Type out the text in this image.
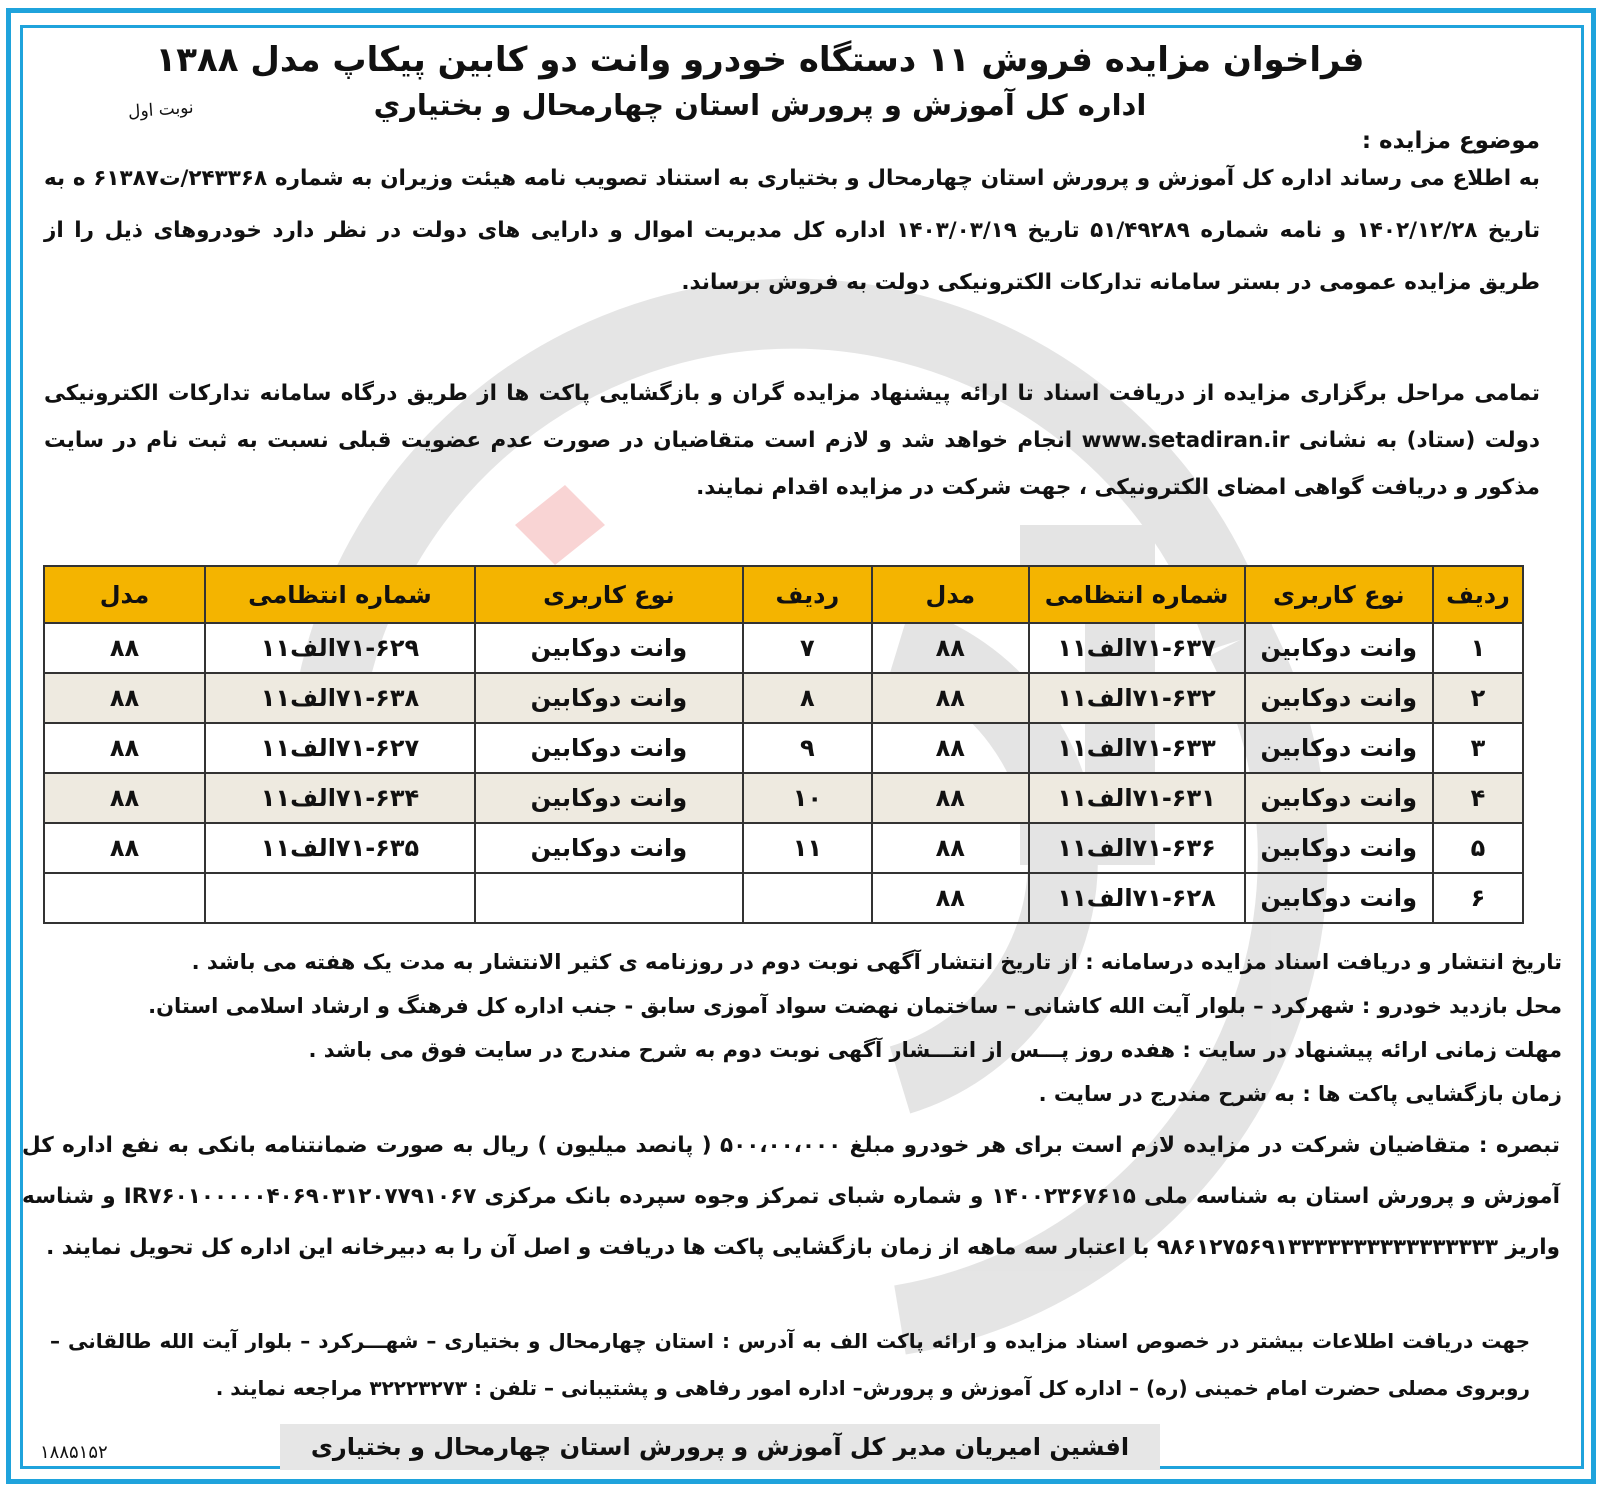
فراخوان مزایده فروش ۱۱ دستگاه خودرو وانت دو کابین پیکاپ مدل ۱۳۸۸
اداره کل آموزش و پرورش استان چهارمحال و بختياري
نوبت اول
موضوع مزایده :
به اطلاع می رساند اداره کل آموزش و پرورش استان چهارمحال و بختیاری به استناد تصویب نامه هیئت وزیران به شماره ۲۴۳۳۶۸/ت۶۱۳۸۷ ه به تاریخ ۱۴۰۲/۱۲/۲۸ و نامه شماره ۵۱/۴۹۲۸۹ تاریخ ۱۴۰۳/۰۳/۱۹ اداره کل مدیریت اموال و دارایی های دولت در نظر دارد خودروهای ذیل را از طریق مزایده عمومی در بستر سامانه تدارکات الکترونیکی دولت به فروش برساند.
تمامی مراحل برگزاری مزایده از دریافت اسناد تا ارائه پیشنهاد مزایده گران و بازگشایی پاکت ها از طریق درگاه سامانه تدارکات الکترونیکی دولت (ستاد) به نشانی www.setadiran.ir انجام خواهد شد و لازم است متقاضیان در صورت عدم عضویت قبلی نسبت به ثبت نام در سایت مذکور و دریافت گواهی امضای الکترونیکی ، جهت شرکت در مزایده اقدام نمایند.
ردیف	نوع کاربری	شماره انتظامی	مدل	ردیف	نوع کاربری	شماره انتظامی	مدل
۱	وانت دوکابین	۷۱-۶۳۷الف۱۱	۸۸	۷	وانت دوکابین	۷۱-۶۲۹الف۱۱	۸۸
۲	وانت دوکابین	۷۱-۶۳۲الف۱۱	۸۸	۸	وانت دوکابین	۷۱-۶۳۸الف۱۱	۸۸
۳	وانت دوکابین	۷۱-۶۳۳الف۱۱	۸۸	۹	وانت دوکابین	۷۱-۶۲۷الف۱۱	۸۸
۴	وانت دوکابین	۷۱-۶۳۱الف۱۱	۸۸	۱۰	وانت دوکابین	۷۱-۶۳۴الف۱۱	۸۸
۵	وانت دوکابین	۷۱-۶۳۶الف۱۱	۸۸	۱۱	وانت دوکابین	۷۱-۶۳۵الف۱۱	۸۸
۶	وانت دوکابین	۷۱-۶۲۸الف۱۱	۸۸				
تاریخ انتشار و دریافت اسناد مزایده درسامانه : از تاریخ انتشار آگهی نوبت دوم در روزنامه ی کثیر الانتشار به مدت یک هفته می باشد .
محل بازدید خودرو : شهرکرد – بلوار آیت الله کاشانی – ساختمان نهضت سواد آموزی سابق - جنب اداره کل فرهنگ و ارشاد اسلامی استان.
مهلت زمانی ارائه پیشنهاد در سایت : هفده روز پـــس از انتـــشار آگهی نوبت دوم به شرح مندرج در سایت فوق می باشد .
زمان بازگشایی پاکت ها : به شرح مندرج در سایت .
تبصره : متقاضیان شرکت در مزایده لازم است برای هر خودرو مبلغ ۵۰۰،۰۰،۰۰۰ ( پانصد میلیون ) ریال به صورت ضمانتنامه بانکی به نفع اداره کل آموزش و پرورش استان به شناسه ملی ۱۴۰۰۲۳۶۷۶۱۵ و شماره شبای تمرکز وجوه سپرده بانک مرکزی IR۷۶۰۱۰۰۰۰۰۴۰۶۹۰۳۱۲۰۷۷۹۱۰۶۷ و شناسه واریز ۹۸۶۱۲۷۵۶۹۱۳۳۳۳۳۳۳۳۳۳۳۳۳۳۳۳ با اعتبار سه ماهه از زمان بازگشایی پاکت ها دریافت و اصل آن را به دبیرخانه این اداره کل تحویل نمایند .
جهت دریافت اطلاعات بیشتر در خصوص اسناد مزایده و ارائه پاکت الف به آدرس : استان چهارمحال و بختیاری – شهـــرکرد – بلوار آیت الله طالقانی – روبروی مصلی حضرت امام خمینی (ره) – اداره کل آموزش و پرورش– اداره امور رفاهی و پشتیبانی – تلفن : ۳۲۲۲۳۲۷۳ مراجعه نمایند .
افشین امیریان مدیر کل آموزش و پرورش استان چهارمحال و بختیاری
۱۸۸۵۱۵۲
